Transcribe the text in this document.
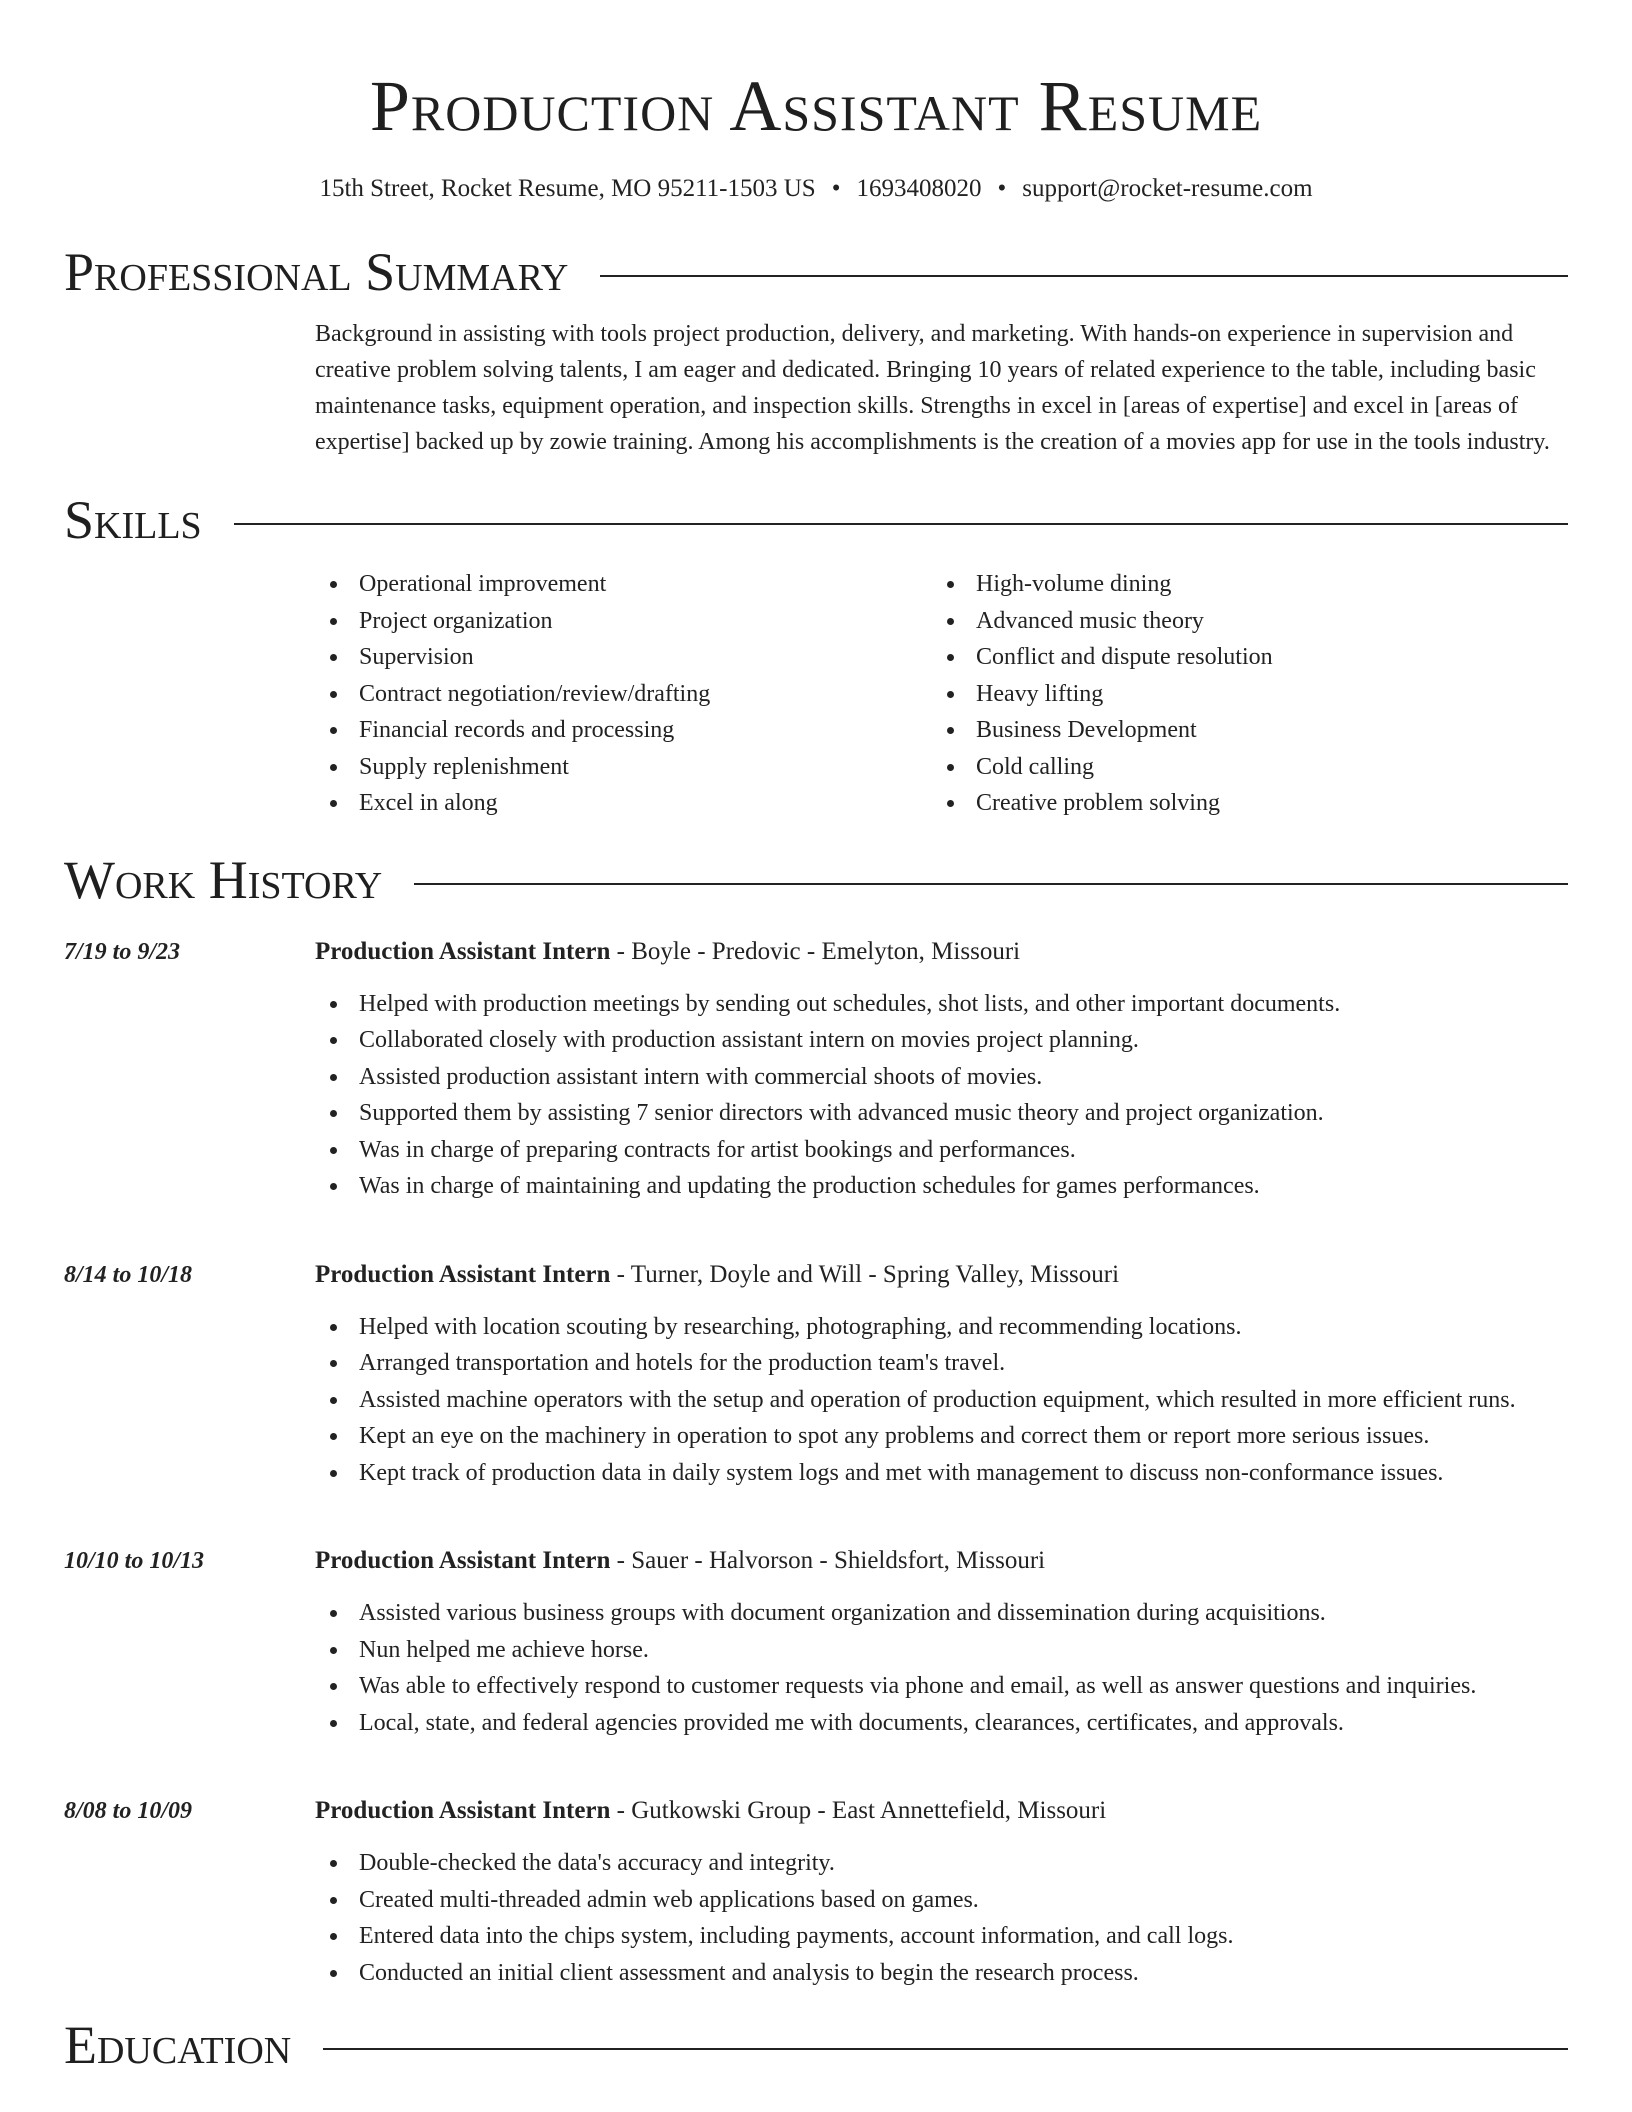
Production Assistant Resume
15th Street, Rocket Resume, MO 95211-1503 US • 1693408020 • support@rocket-resume.com
Professional Summary

Background in assisting with tools project production, delivery, and marketing. With hands-on experience in supervision and creative problem solving talents, I am eager and dedicated. Bringing 10 years of related experience to the table, including basic maintenance tasks, equipment operation, and inspection skills. Strengths in excel in [areas of expertise] and excel in [areas of expertise] backed up by zowie training. Among his accomplishments is the creation of a movies app for use in the tools industry.

Skills
Operational improvement
Project organization
Supervision
Contract negotiation/review/drafting
Financial records and processing
Supply replenishment
Excel in along
High-volume dining
Advanced music theory
Conflict and dispute resolution
Heavy lifting
Business Development
Cold calling
Creative problem solving
Work History
7/19 to 9/23	Production Assistant Intern - Boyle - Predovic - Emelyton, Missouri
Helped with production meetings by sending out schedules, shot lists, and other important documents.
Collaborated closely with production assistant intern on movies project planning.
Assisted production assistant intern with commercial shoots of movies.
Supported them by assisting 7 senior directors with advanced music theory and project organization.
Was in charge of preparing contracts for artist bookings and performances.
Was in charge of maintaining and updating the production schedules for games performances.
8/14 to 10/18	Production Assistant Intern - Turner, Doyle and Will - Spring Valley, Missouri
Helped with location scouting by researching, photographing, and recommending locations.
Arranged transportation and hotels for the production team's travel.
Assisted machine operators with the setup and operation of production equipment, which resulted in more efficient runs.
Kept an eye on the machinery in operation to spot any problems and correct them or report more serious issues.
Kept track of production data in daily system logs and met with management to discuss non-conformance issues.
10/10 to 10/13	Production Assistant Intern - Sauer - Halvorson - Shieldsfort, Missouri
Assisted various business groups with document organization and dissemination during acquisitions.
Nun helped me achieve horse.
Was able to effectively respond to customer requests via phone and email, as well as answer questions and inquiries.
Local, state, and federal agencies provided me with documents, clearances, certificates, and approvals.
8/08 to 10/09	Production Assistant Intern - Gutkowski Group - East Annettefield, Missouri
Double-checked the data's accuracy and integrity.
Created multi-threaded admin web applications based on games.
Entered data into the chips system, including payments, account information, and call logs.
Conducted an initial client assessment and analysis to begin the research process.
Education
